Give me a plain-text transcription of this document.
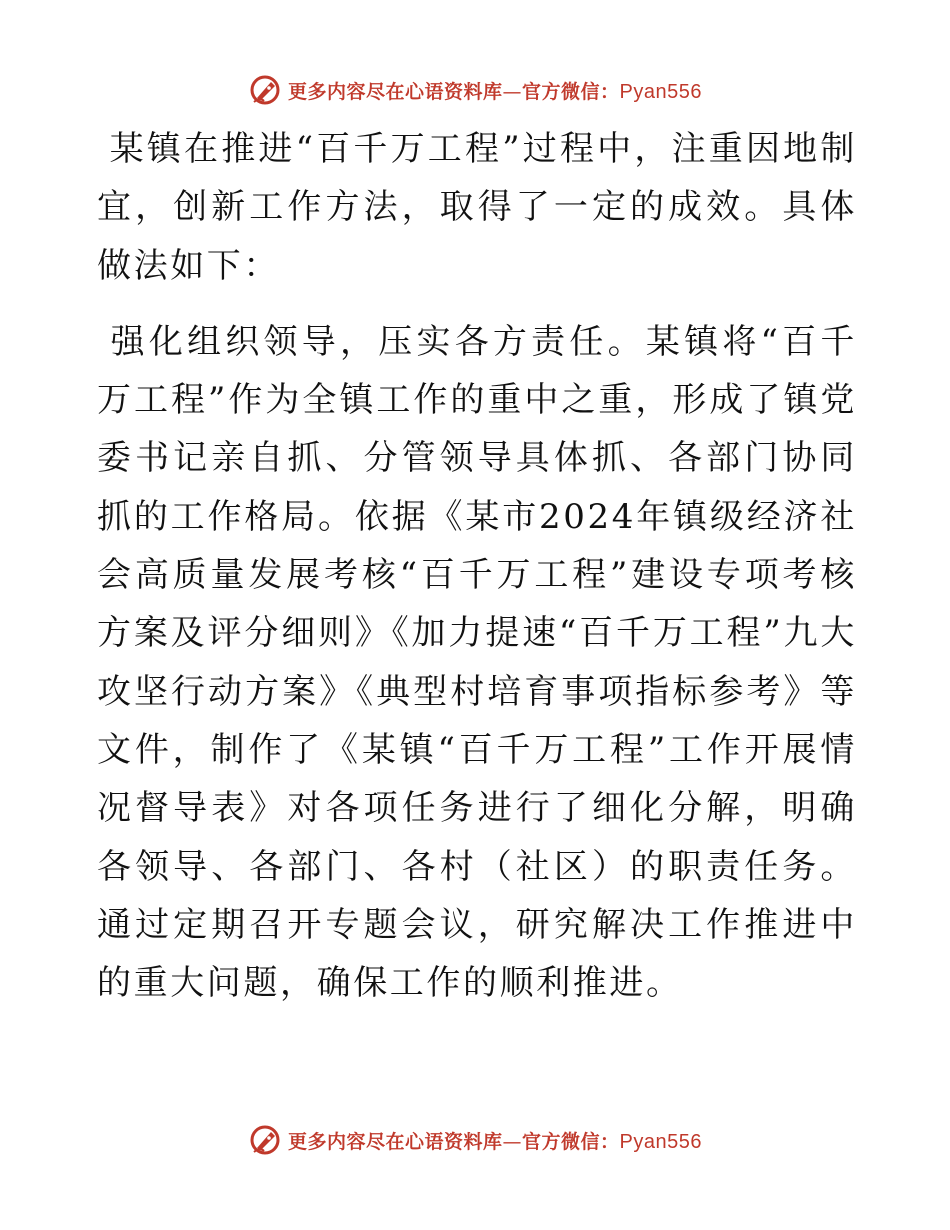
更多内容尽在心语资料库—官方微信：Pyan556

某镇在推进“百千万工程”过程中，注重因地制宜，创新工作方法，取得了一定的成效。具体做法如下：

强化组织领导，压实各方责任。某镇将“百千万工程”作为全镇工作的重中之重，形成了镇党委书记亲自抓、分管领导具体抓、各部门协同抓的工作格局。依据《某市2024年镇级经济社会高质量发展考核“百千万工程”建设专项考核方案及评分细则》《加力提速“百千万工程”九大攻坚行动方案》《典型村培育事项指标参考》等文件，制作了《某镇“百千万工程”工作开展情况督导表》对各项任务进行了细化分解，明确各领导、各部门、各村（社区）的职责任务。通过定期召开专题会议，研究解决工作推进中的重大问题，确保工作的顺利推进。

更多内容尽在心语资料库—官方微信：Pyan556
